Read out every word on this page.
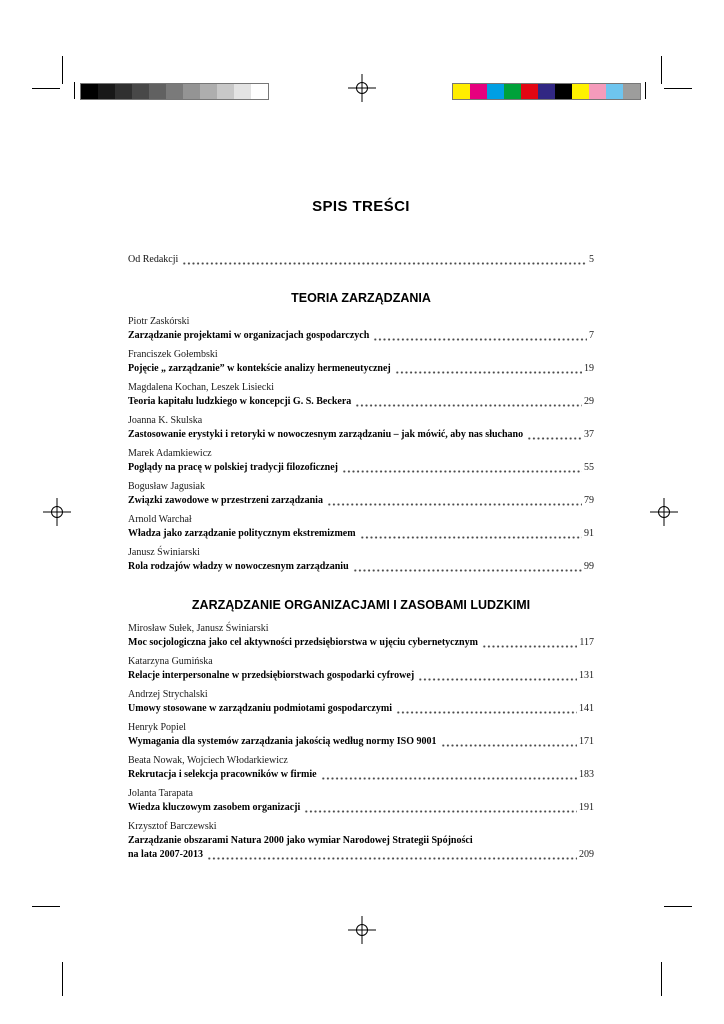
SPIS TREŚCI
Od Redakcji	5
TEORIA ZARZĄDZANIA
Piotr Zaskórski
Zarządzanie projektami w organizacjach gospodarczych	7
Franciszek Gołembski
Pojęcie „ zarządzanie” w kontekście analizy hermeneutycznej	19
Magdalena Kochan, Leszek Lisiecki
Teoria kapitału ludzkiego w koncepcji G. S. Beckera	29
Joanna K. Skulska
Zastosowanie erystyki i retoryki w nowoczesnym zarządzaniu – jak mówić, aby nas słuchano	37
Marek Adamkiewicz
Poglądy na pracę w polskiej tradycji filozoficznej	55
Bogusław Jagusiak
Związki zawodowe w przestrzeni zarządzania	79
Arnold Warchał
Władza jako zarządzanie politycznym ekstremizmem	91
Janusz Świniarski
Rola rodzajów władzy w nowoczesnym zarządzaniu	99
ZARZĄDZANIE ORGANIZACJAMI I ZASOBAMI LUDZKIMI
Mirosław Sułek, Janusz Świniarski
Moc socjologiczna jako cel aktywności przedsiębiorstwa w ujęciu cybernetycznym	117
Katarzyna Gumińska
Relacje interpersonalne w przedsiębiorstwach gospodarki cyfrowej	131
Andrzej Strychalski
Umowy stosowane w zarządzaniu podmiotami gospodarczymi	141
Henryk Popiel
Wymagania dla systemów zarządzania jakością według normy ISO 9001	171
Beata Nowak, Wojciech Włodarkiewicz
Rekrutacja i selekcja pracowników w firmie	183
Jolanta Tarapata
Wiedza kluczowym zasobem organizacji	191
Krzysztof Barczewski
Zarządzanie obszarami Natura 2000 jako wymiar Narodowej Strategii Spójności
na lata 2007-2013	209
